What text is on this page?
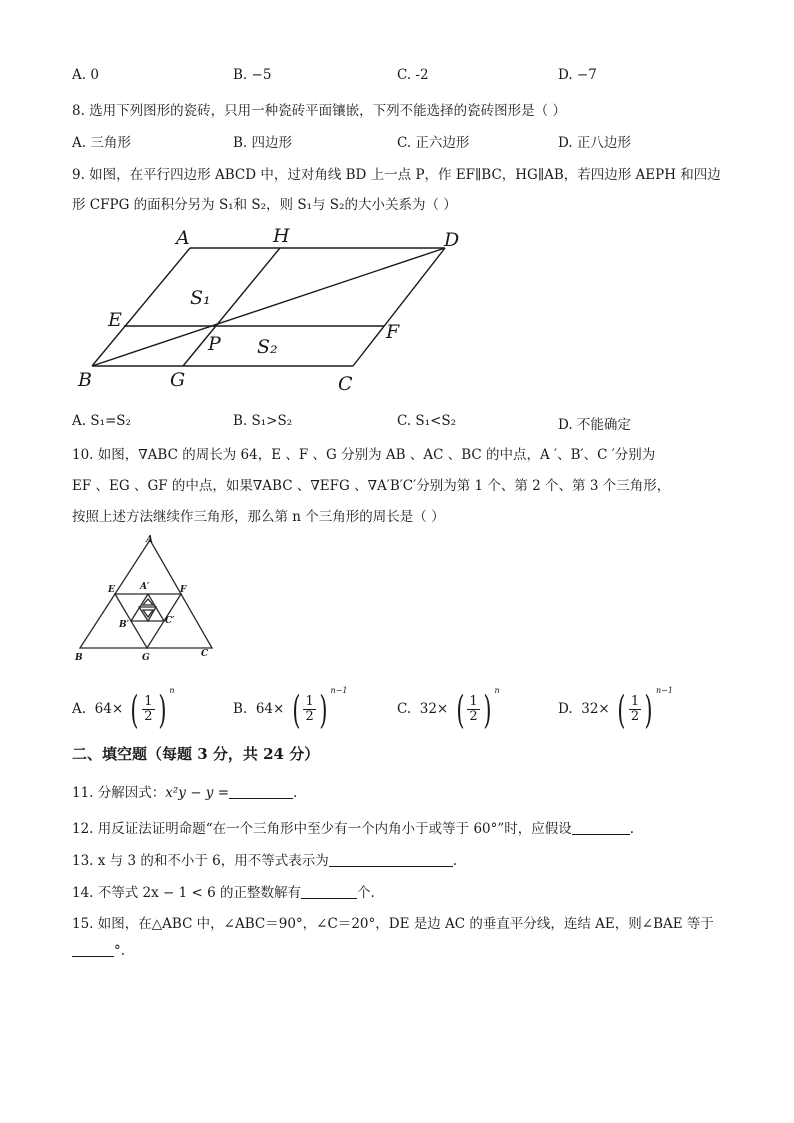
A. 0	B. −5	C. -2	D. −7
8. 选用下列图形的瓷砖，只用一种瓷砖平面镶嵌，下列不能选择的瓷砖图形是（ ）
A. 三角形	B. 四边形	C. 正六边形	D. 正八边形
9. 如图，在平行四边形 ABCD 中，过对角线 BD 上一点 P，作 EF∥BC，HG∥AB，若四边形 AEPH 和四边
形 CFPG 的面积分另为 S₁和 S₂，则 S₁与 S₂的大小关系为（ ）
A	H	D
E
F
P
B	G	C
S₁
S₂
A. S₁=S₂	B. S₁>S₂	C. S₁<S₂	D. 不能确定
10. 如图，∇ABC 的周长为 64，E 、F 、G 分别为 AB 、AC 、BC 的中点，A ′、B′、C ′分别为
EF 、EG 、GF 的中点，如果∇ABC 、∇EFG 、∇A′B′C′分别为第 1 个、第 2 个、第 3 个三角形，
按照上述方法继续作三角形，那么第 n 个三角形的周长是（ ）
A
E	F
A′
B′	C′
B	G	C
A. 64× ( 1
2 ) $^n$
B. 64× ( 1
2 ) $^{n-1}$
C. 32× ( 1
2 ) $^n$
D. 32× ( 1
2 ) $^{n-1}$
二、填空题（每题 3 分，共 24 分）
11. 分解因式：x²y − y =	.
12. 用反证法证明命题“在一个三角形中至少有一个内角小于或等于 60°”时，应假设	.
13. x 与 3 的和不小于 6，用不等式表示为	.
14. 不等式 2x − 1 < 6 的正整数解有	个.
15. 如图，在△ABC 中，∠ABC＝90°，∠C＝20°，DE 是边 AC 的垂直平分线，连结 AE，则∠BAE 等于
°.
